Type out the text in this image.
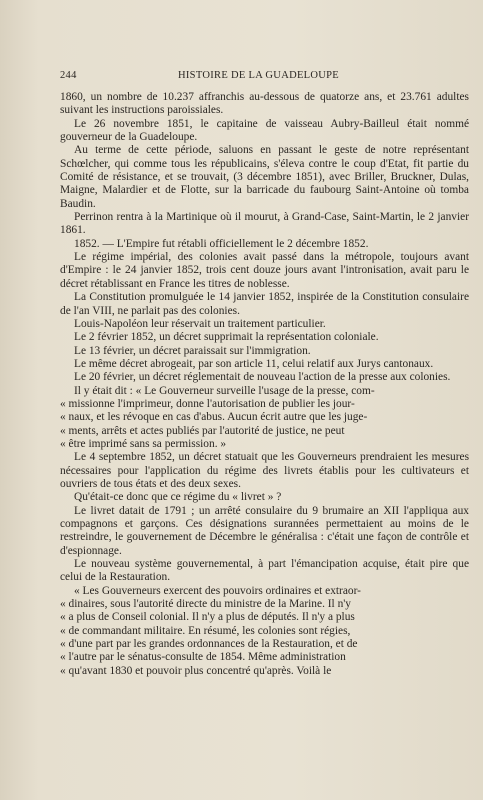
244	HISTOIRE DE LA GUADELOUPE

1860, un nombre de 10.237 affranchis au-dessous de quatorze ans, et 23.761 adultes suivant les instructions paroissiales.

Le 26 novembre 1851, le capitaine de vaisseau Aubry-Bailleul était nommé gouverneur de la Guadeloupe.

Au terme de cette période, saluons en passant le geste de notre représentant Schœlcher, qui comme tous les républicains, s'éleva contre le coup d'Etat, fit partie du Comité de résistance, et se trouvait, (3 décembre 1851), avec Briller, Bruckner, Dulas, Maigne, Malardier et de Flotte, sur la barricade du faubourg Saint-Antoine où tomba Baudin.

Perrinon rentra à la Martinique où il mourut, à Grand-Case, Saint-Martin, le 2 janvier 1861.

1852. — L'Empire fut rétabli officiellement le 2 décembre 1852.

Le régime impérial, des colonies avait passé dans la métropole, toujours avant d'Empire : le 24 janvier 1852, trois cent douze jours avant l'intronisation, avait paru le décret rétablissant en France les titres de noblesse.

La Constitution promulguée le 14 janvier 1852, inspirée de la Constitution consulaire de l'an VIII, ne parlait pas des colonies.

Louis-Napoléon leur réservait un traitement particulier.

Le 2 février 1852, un décret supprimait la représentation coloniale.

Le 13 février, un décret paraissait sur l'immigration.

Le même décret abrogeait, par son article 11, celui relatif aux Jurys cantonaux.

Le 20 février, un décret réglementait de nouveau l'action de la presse aux colonies.

Il y était dit : « Le Gouverneur surveille l'usage de la presse, com-

« missionne l'imprimeur, donne l'autorisation de publier les jour-

« naux, et les révoque en cas d'abus. Aucun écrit autre que les juge-

« ments, arrêts et actes publiés par l'autorité de justice, ne peut

« être imprimé sans sa permission. »

Le 4 septembre 1852, un décret statuait que les Gouverneurs prendraient les mesures nécessaires pour l'application du régime des livrets établis pour les cultivateurs et ouvriers de tous états et des deux sexes.

Qu'était-ce donc que ce régime du « livret » ?

Le livret datait de 1791 ; un arrêté consulaire du 9 brumaire an XII l'appliqua aux compagnons et garçons. Ces désignations surannées permettaient au moins de le restreindre, le gouvernement de Décembre le généralisa : c'était une façon de contrôle et d'espionnage.

Le nouveau système gouvernemental, à part l'émancipation acquise, était pire que celui de la Restauration.

« Les Gouverneurs exercent des pouvoirs ordinaires et extraor-

« dinaires, sous l'autorité directe du ministre de la Marine. Il n'y

« a plus de Conseil colonial. Il n'y a plus de députés. Il n'y a plus

« de commandant militaire. En résumé, les colonies sont régies,

« d'une part par les grandes ordonnances de la Restauration, et de

« l'autre par le sénatus-consulte de 1854. Même administration

« qu'avant 1830 et pouvoir plus concentré qu'après. Voilà le
